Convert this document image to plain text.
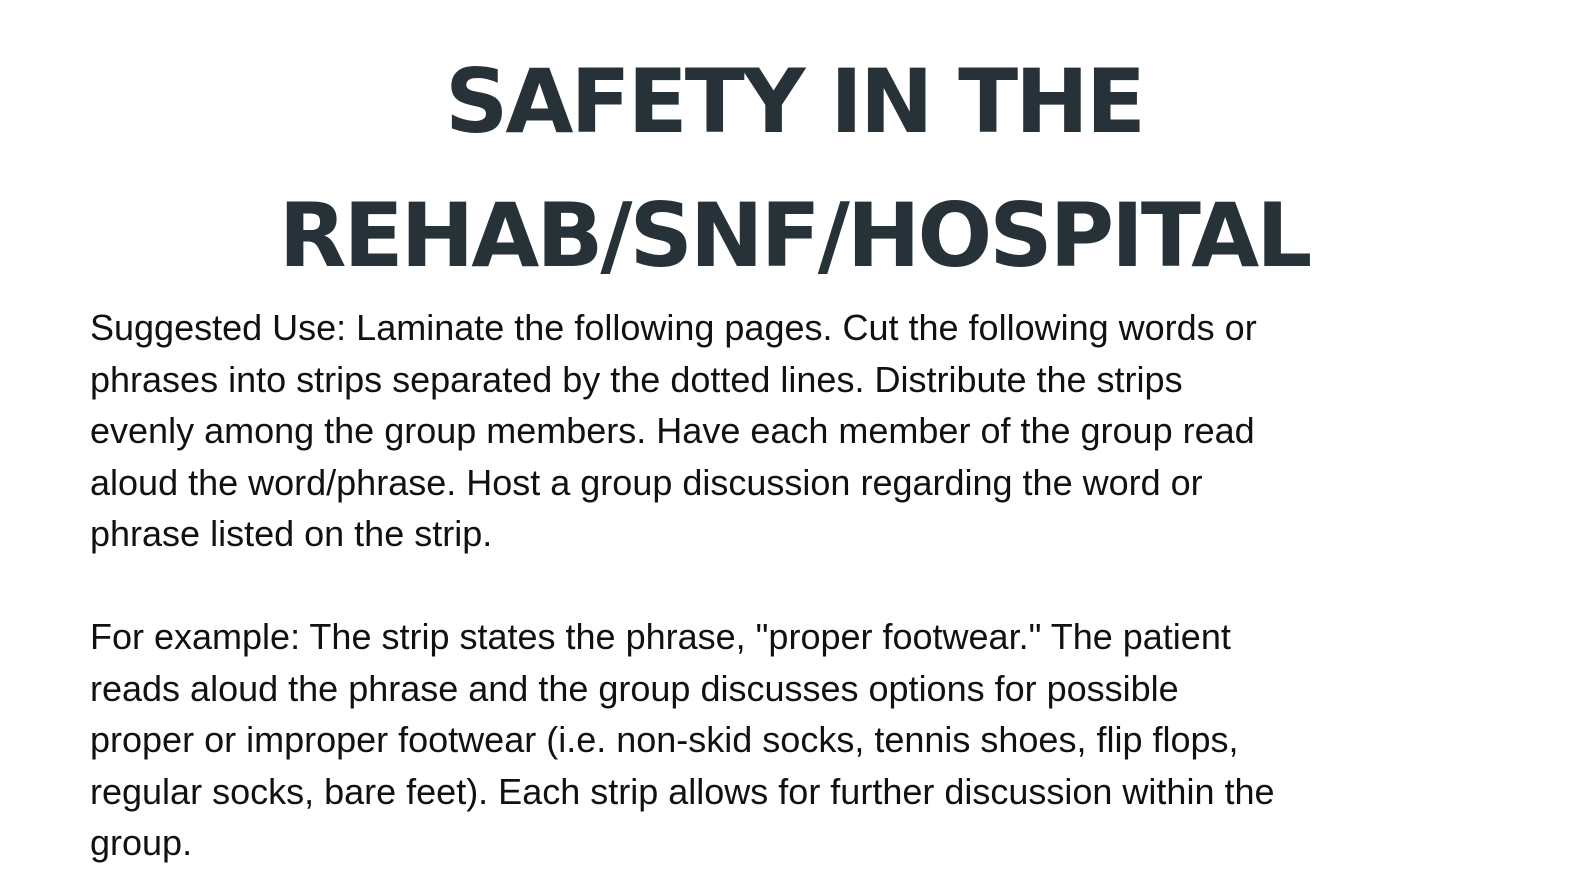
SAFETY IN THE
REHAB/SNF/HOSPITAL

Suggested Use: Laminate the following pages. Cut the following words or
phrases into strips separated by the dotted lines. Distribute the strips
evenly among the group members. Have each member of the group read
aloud the word/phrase. Host a group discussion regarding the word or
phrase listed on the strip.

For example: The strip states the phrase, "proper footwear." The patient
reads aloud the phrase and the group discusses options for possible
proper or improper footwear (i.e. non-skid socks, tennis shoes, flip flops,
regular socks, bare feet). Each strip allows for further discussion within the
group.
